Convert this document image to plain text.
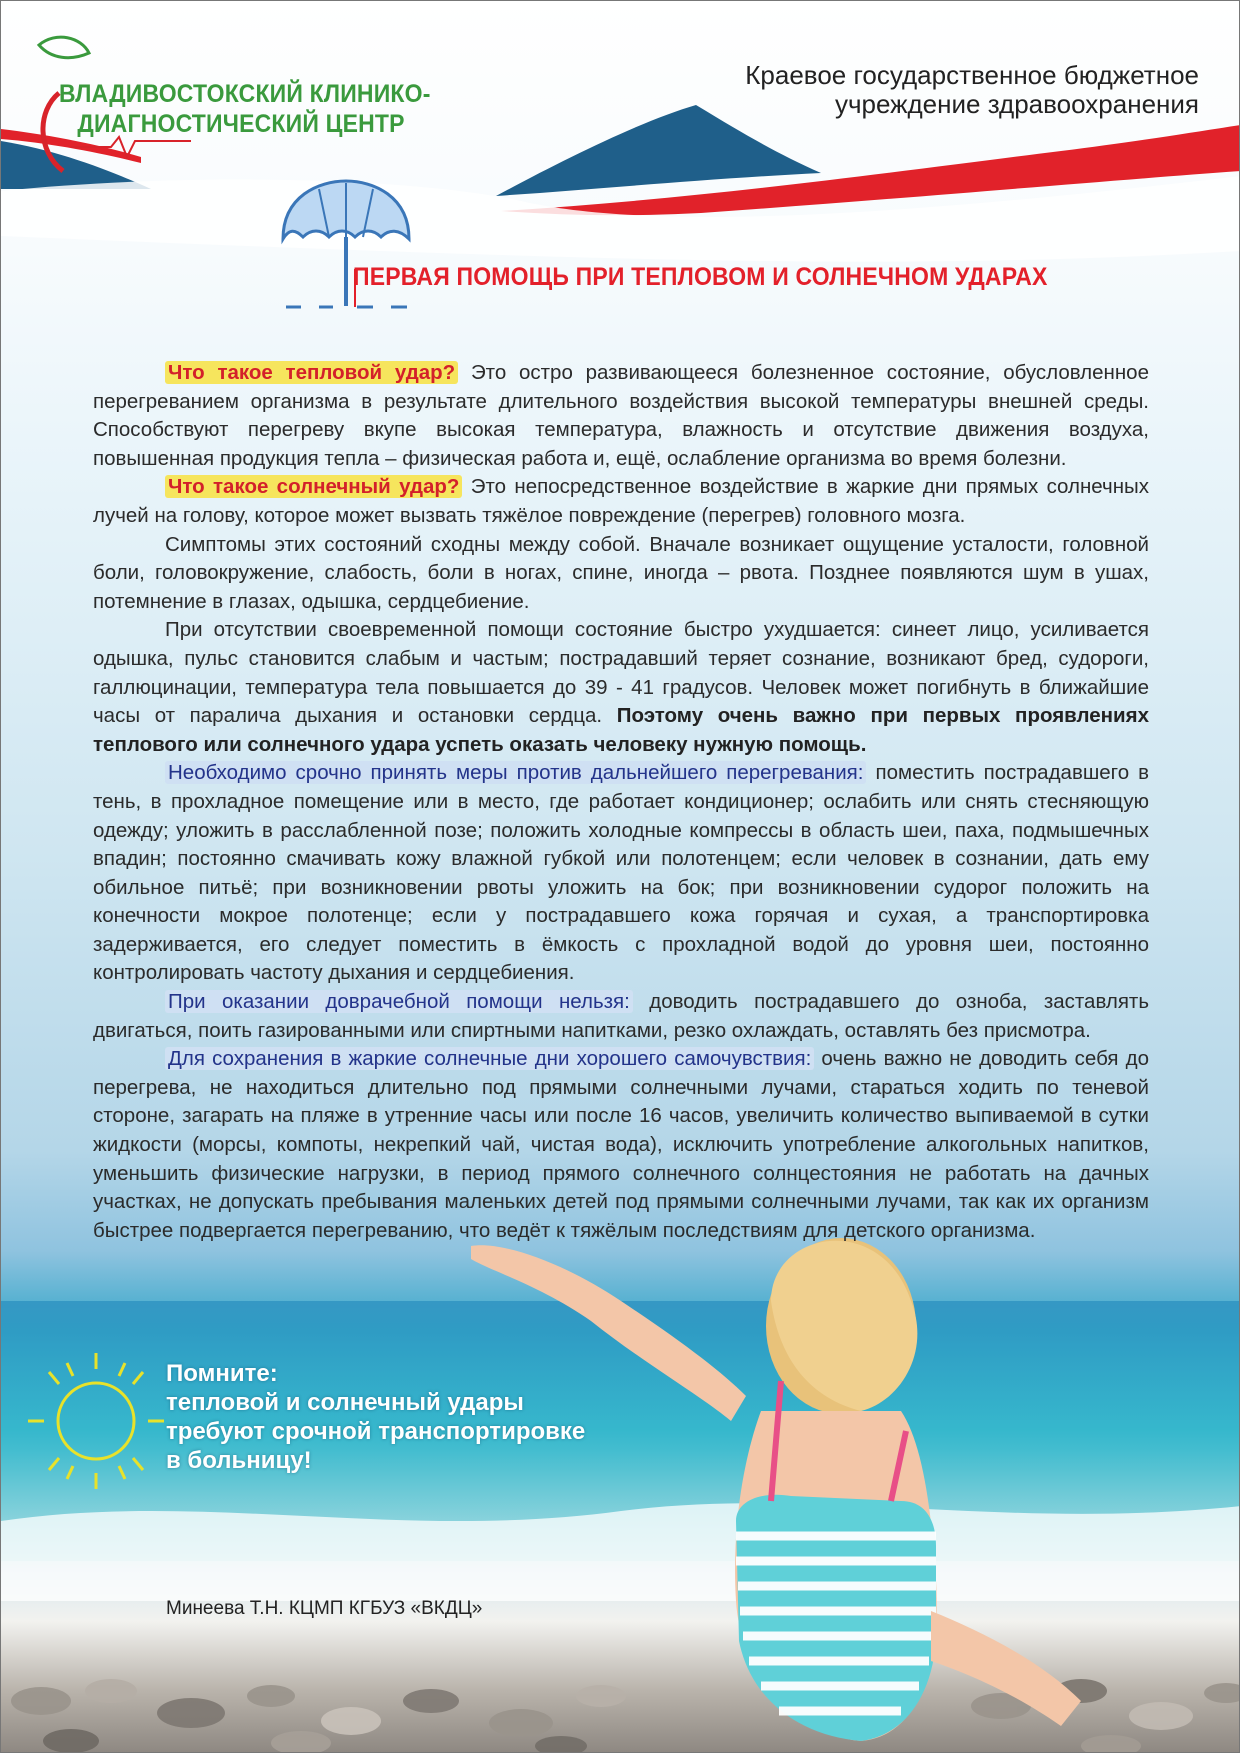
ВЛАДИВОСТОКСКИЙ КЛИНИКО-
ДИАГНОСТИЧЕСКИЙ ЦЕНТР
Краевое государственное бюджетное
учреждение здравоохранения
ПЕРВАЯ ПОМОЩЬ ПРИ ТЕПЛОВОМ И СОЛНЕЧНОМ УДАРАХ

Что такое тепловой удар? Это остро развивающееся болезненное состояние, обусловленное перегреванием организма в результате длительного воздействия высокой температуры внешней среды. Способствуют перегреву вкупе высокая температура, влажность и отсутствие движения воздуха, повышенная продукция тепла – физическая работа и, ещё, ослабление организма во время болезни.

Что такое солнечный удар? Это непосредственное воздействие в жаркие дни прямых солнечных лучей на голову, которое может вызвать тяжёлое повреждение (перегрев) головного мозга.

Симптомы этих состояний сходны между собой. Вначале возникает ощущение усталости, головной боли, головокружение, слабость, боли в ногах, спине, иногда – рвота. Позднее появляются шум в ушах, потемнение в глазах, одышка, сердцебиение.

При отсутствии своевременной помощи состояние быстро ухудшается: синеет лицо, усиливается одышка, пульс становится слабым и частым; пострадавший теряет сознание, возникают бред, судороги, галлюцинации, температура тела повышается до 39 - 41 градусов. Человек может погибнуть в ближайшие часы от паралича дыхания и остановки сердца. Поэтому очень важно при первых проявлениях теплового или солнечного удара успеть оказать человеку нужную помощь.

Необходимо срочно принять меры против дальнейшего перегревания: поместить пострадавшего в тень, в прохладное помещение или в место, где работает кондиционер; ослабить или снять стесняющую одежду; уложить в расслабленной позе; положить холодные компрессы в область шеи, паха, подмышечных впадин; постоянно смачивать кожу влажной губкой или полотенцем; если человек в сознании, дать ему обильное питьё; при возникновении рвоты уложить на бок; при возникновении судорог положить на конечности мокрое полотенце; если у пострадавшего кожа горячая и сухая, а транспортировка задерживается, его следует поместить в ёмкость с прохладной водой до уровня шеи, постоянно контролировать частоту дыхания и сердцебиения.

При оказании доврачебной помощи нельзя: доводить пострадавшего до озноба, заставлять двигаться, поить газированными или спиртными напитками, резко охлаждать, оставлять без присмотра.

Для сохранения в жаркие солнечные дни хорошего самочувствия: очень важно не доводить себя до перегрева, не находиться длительно под прямыми солнечными лучами, стараться ходить по теневой стороне, загарать на пляже в утренние часы или после 16 часов, увеличить количество выпиваемой в сутки жидкости (морсы, компоты, некрепкий чай, чистая вода), исключить употребление алкогольных напитков, уменьшить физические нагрузки, в период прямого солнечного солнцестояния не работать на дачных участках, не допускать пребывания маленьких детей под прямыми солнечными лучами, так как их организм быстрее подвергается перегреванию, что ведёт к тяжёлым последствиям для детского организма.

Помните:
тепловой и солнечный удары
требуют срочной транспортировке
в больницу!
Минеева Т.Н. КЦМП КГБУЗ «ВКДЦ»
